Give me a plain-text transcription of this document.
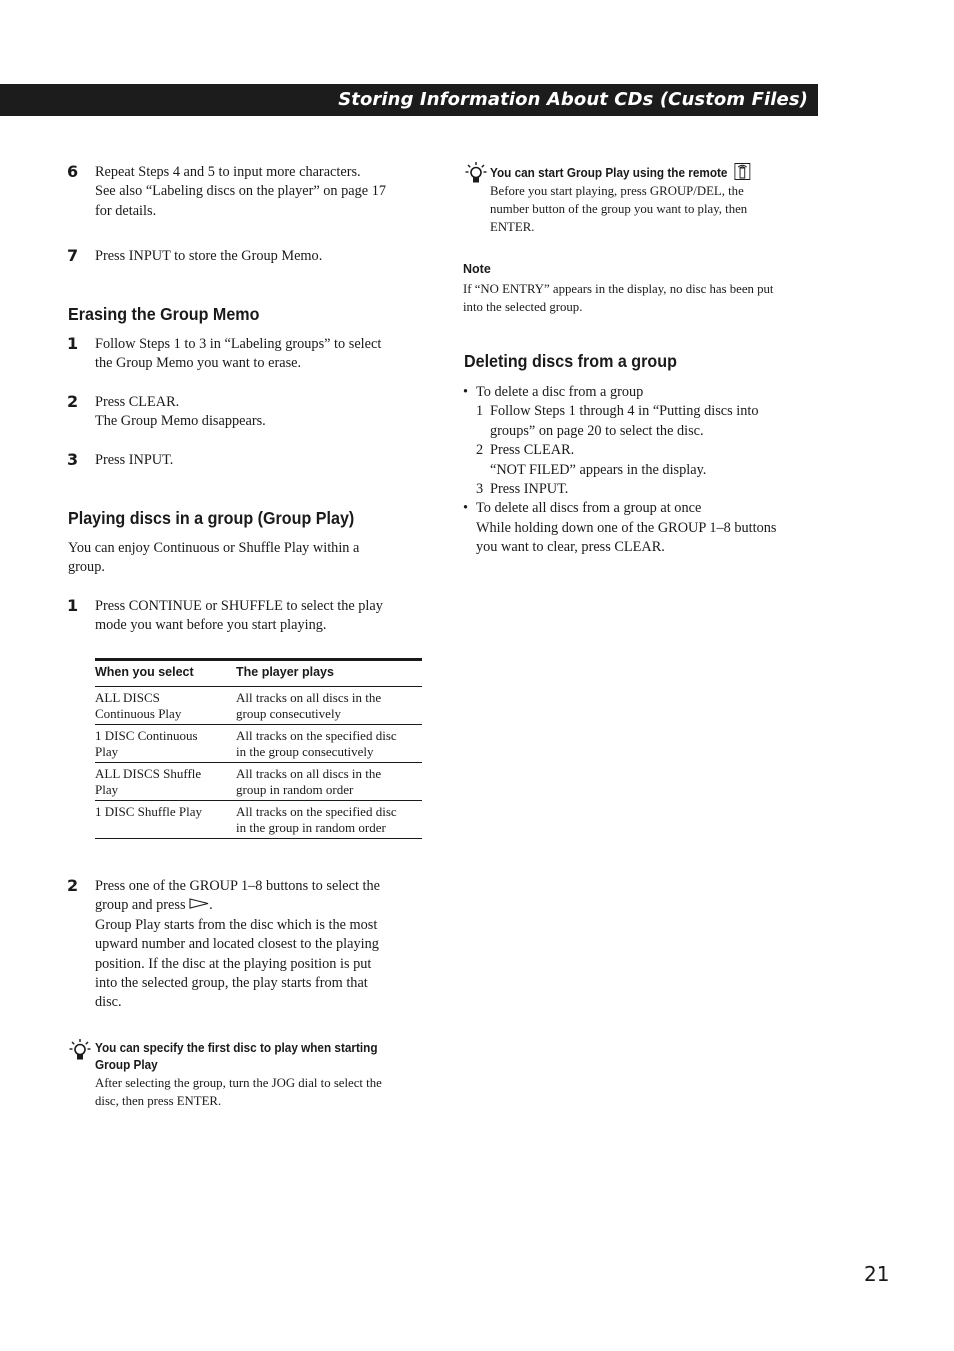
Storing Information About CDs (Custom Files)
6 Repeat Steps 4 and 5 to input more characters.
See also “Labeling discs on the player” on page 17
for details.
7 Press INPUT to store the Group Memo.
Erasing the Group Memo
1 Follow Steps 1 to 3 in “Labeling groups” to select
the Group Memo you want to erase.
2 Press CLEAR.
The Group Memo disappears.
3 Press INPUT.
Playing discs in a group (Group Play)
You can enjoy Continuous or Shuffle Play within a
group.
1 Press CONTINUE or SHUFFLE to select the play
mode you want before you start playing.
When you select	The player plays
ALL DISCS
Continuous Play
All tracks on all discs in the
group consecutively
1 DISC Continuous
Play
All tracks on the specified disc
in the group consecutively
ALL DISCS Shuffle
Play
All tracks on all discs in the
group in random order
1 DISC Shuffle Play	All tracks on the specified disc
in the group in random order
2 Press one of the GROUP 1–8 buttons to select the
group and press .
Group Play starts from the disc which is the most
upward number and located closest to the playing
position. If the disc at the playing position is put
into the selected group, the play starts from that
disc.
You can specify the first disc to play when starting
Group Play
After selecting the group, turn the JOG dial to select the
disc, then press ENTER.
You can start Group Play using the remote
Before you start playing, press GROUP/DEL, the
number button of the group you want to play, then
ENTER.
Note
If “NO ENTRY” appears in the display, no disc has been put
into the selected group.
Deleting discs from a group
• To delete a disc from a group
1 Follow Steps 1 through 4 in “Putting discs into
groups” on page 20 to select the disc.
2 Press CLEAR.
“NOT FILED” appears in the display.
3 Press INPUT.
• To delete all discs from a group at once
While holding down one of the GROUP 1–8 buttons
you want to clear, press CLEAR.
21
